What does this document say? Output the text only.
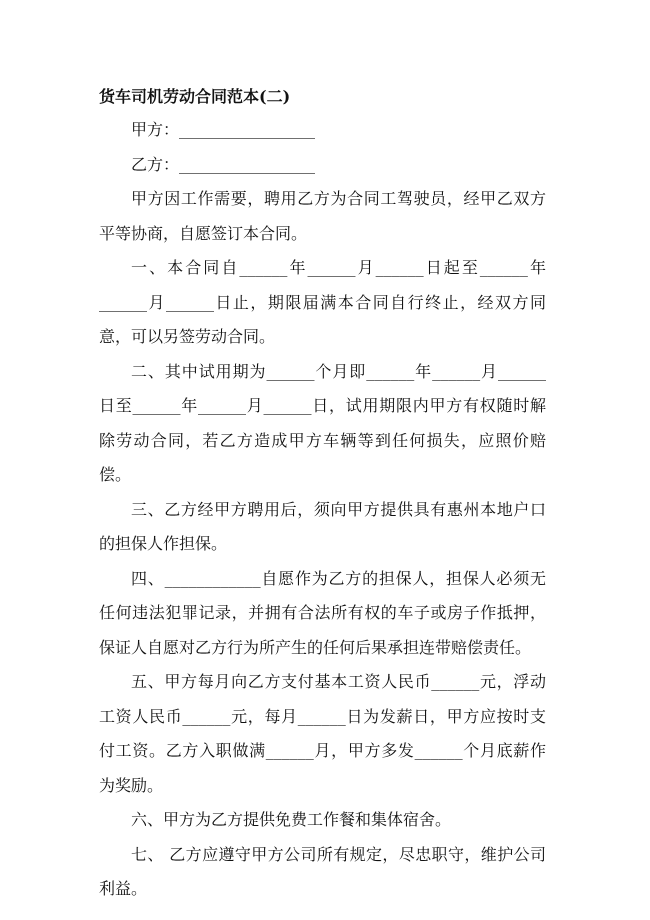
货车司机劳动合同范本(二)

甲方：_________________

乙方：_________________

甲方因工作需要，聘用乙方为合同工驾驶员，经甲乙双方平等协商，自愿签订本合同。

一、本合同自______年______月______日起至______年______月______日止，期限届满本合同自行终止，经双方同意，可以另签劳动合同。

二、其中试用期为______个月即______年______月______日至______年______月______日，试用期限内甲方有权随时解除劳动合同，若乙方造成甲方车辆等到任何损失，应照价赔偿。

三、乙方经甲方聘用后，须向甲方提供具有惠州本地户口的担保人作担保。

四、____________自愿作为乙方的担保人，担保人必须无任何违法犯罪记录，并拥有合法所有权的车子或房子作抵押，保证人自愿对乙方行为所产生的任何后果承担连带赔偿责任。

五、甲方每月向乙方支付基本工资人民币______元，浮动工资人民币______元，每月______日为发薪日，甲方应按时支付工资。乙方入职做满______月，甲方多发______个月底薪作为奖励。

六、甲方为乙方提供免费工作餐和集体宿舍。

七、 乙方应遵守甲方公司所有规定，尽忠职守，维护公司利益。
